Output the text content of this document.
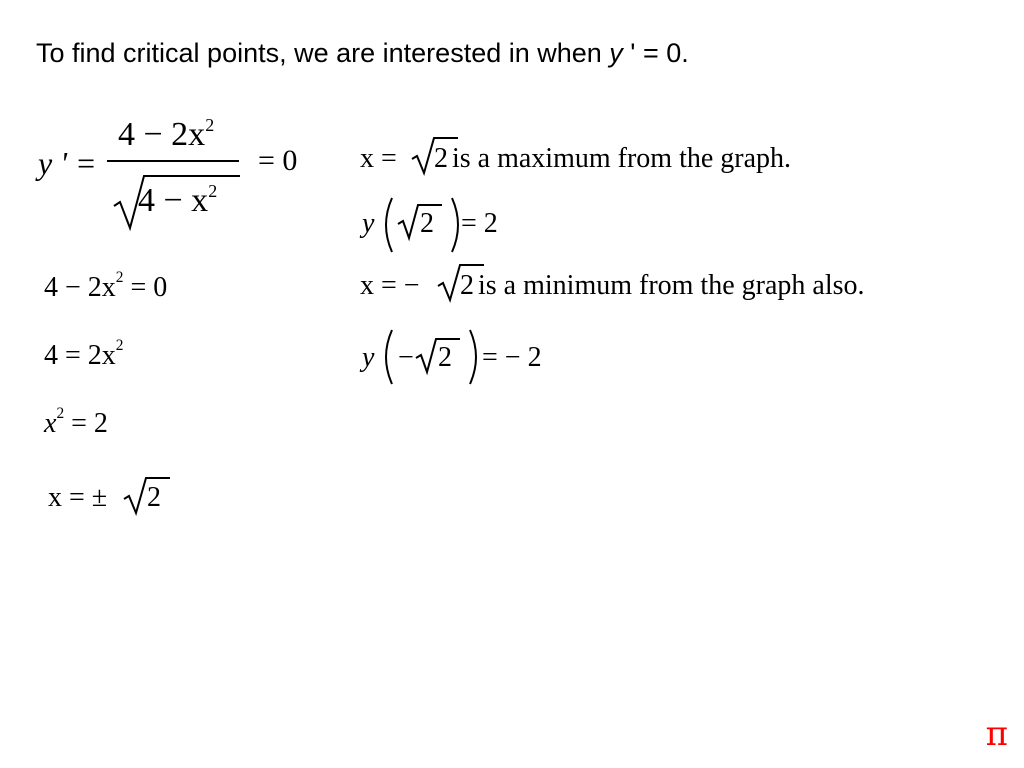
To find critical points, we are interested in when y ' = 0.
y ' =
$4 - 2x^2$
$4 - x^2$
= 0
$4 - 2x^2 = 0$
$4 = 2x^2$
$x^2 = 2$
x = ± 2
x = 2 is a maximum from the graph.
y 2 = 2
x = − 2 is a minimum from the graph also.
y − 2 = − 2
π
